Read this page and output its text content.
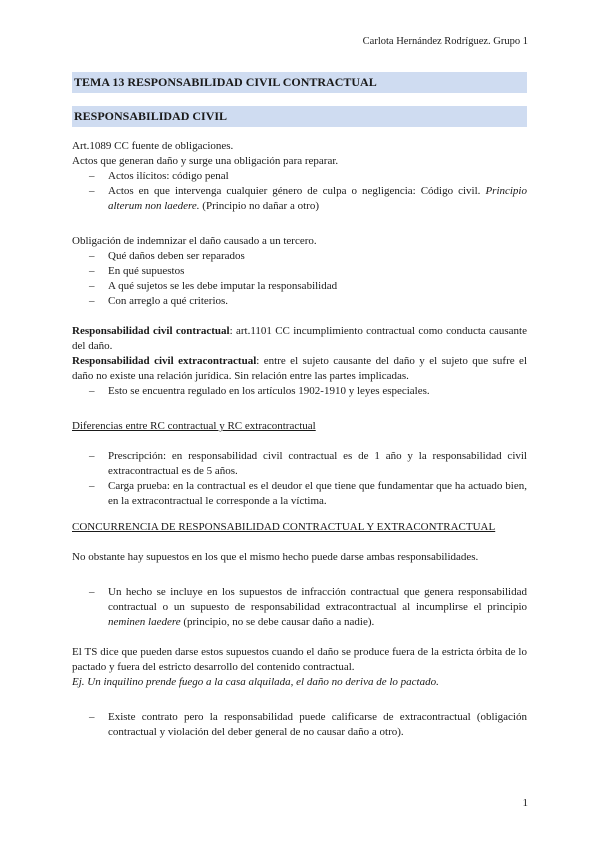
Carlota Hernández Rodríguez. Grupo 1
TEMA 13 RESPONSABILIDAD CIVIL CONTRACTUAL
RESPONSABILIDAD CIVIL

Art.1089 CC fuente de obligaciones.

Actos que generan daño y surge una obligación para reparar.

– Actos ilícitos: código penal
– Actos en que intervenga cualquier género de culpa o negligencia: Código civil. Principio alterum non laedere. (Principio no dañar a otro)

Obligación de indemnizar el daño causado a un tercero.

– Qué daños deben ser reparados
– En qué supuestos
– A qué sujetos se les debe imputar la responsabilidad
– Con arreglo a qué criterios.

Responsabilidad civil contractual: art.1101 CC incumplimiento contractual como conducta causante del daño.

Responsabilidad civil extracontractual: entre el sujeto causante del daño y el sujeto que sufre el daño no existe una relación jurídica. Sin relación entre las partes implicadas.

– Esto se encuentra regulado en los artículos 1902-1910 y leyes especiales.

Diferencias entre RC contractual y RC extracontractual

– Prescripción: en responsabilidad civil contractual es de 1 año y la responsabilidad civil extracontractual es de 5 años.
– Carga prueba: en la contractual es el deudor el que tiene que fundamentar que ha actuado bien, en la extracontractual le corresponde a la víctima.

CONCURRENCIA DE RESPONSABILIDAD CONTRACTUAL Y EXTRACONTRACTUAL

No obstante hay supuestos en los que el mismo hecho puede darse ambas responsabilidades.

– Un hecho se incluye en los supuestos de infracción contractual que genera responsabilidad contractual o un supuesto de responsabilidad extracontractual al incumplirse el principio neminen laedere (principio, no se debe causar daño a nadie).

El TS dice que pueden darse estos supuestos cuando el daño se produce fuera de la estricta órbita de lo pactado y fuera del estricto desarrollo del contenido contractual.

Ej. Un inquilino prende fuego a la casa alquilada, el daño no deriva de lo pactado.

– Existe contrato pero la responsabilidad puede calificarse de extracontractual (obligación contractual y violación del deber general de no causar daño a otro).
1
